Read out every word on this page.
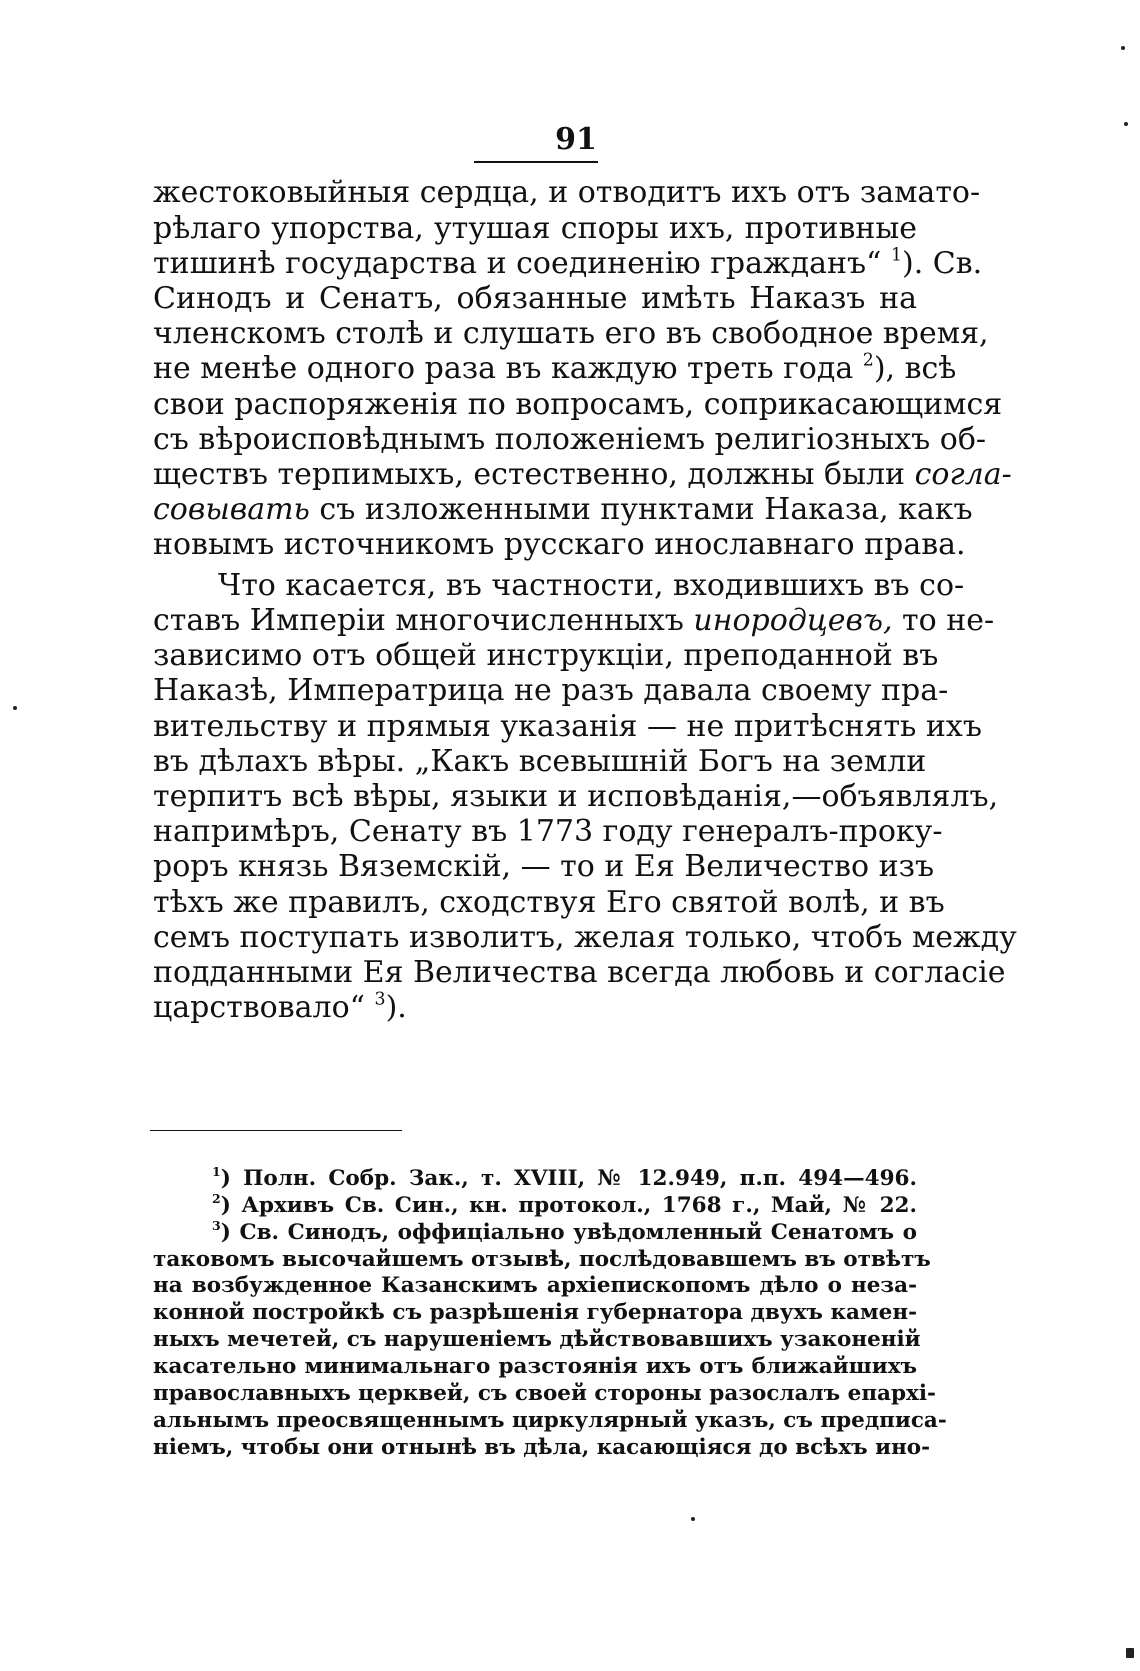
91
жестоковыйныя сердца, и отводитъ ихъ отъ замато-
рѣлаго упорства, утушая споры ихъ, противные
тишинѣ государства и соединенію гражданъ“ $^1$). Св.
Синодъ и Сенатъ, обязанные имѣть Наказъ на
членскомъ столѣ и слушать его въ свободное время,
не менѣе одного раза въ каждую треть года $^2$), всѣ
свои распоряженія по вопросамъ, соприкасающимся
съ вѣроисповѣднымъ положеніемъ религіозныхъ об-
ществъ терпимыхъ, естественно, должны были согла-
совывать съ изложенными пунктами Наказа, какъ
новымъ источникомъ русскаго инославнаго права.
Что касается, въ частности, входившихъ въ со-
ставъ Имперіи многочисленныхъ инородцевъ, то не-
зависимо отъ общей инструкціи, преподанной въ
Наказѣ, Императрица не разъ давала своему пра-
вительству и прямыя указанія — не притѣснять ихъ
въ дѣлахъ вѣры. „Какъ всевышній Богъ на земли
терпитъ всѣ вѣры, языки и исповѣданія,—объявлялъ,
напримѣръ, Сенату въ 1773 году генералъ-проку-
роръ князь Вяземскій, — то и Ея Величество изъ
тѣхъ же правилъ, сходствуя Его святой волѣ, и въ
семъ поступать изволитъ, желая только, чтобъ между
подданными Ея Величества всегда любовь и согласіе
царствовало“ $^3$).
$^1$) Полн. Собр. Зак., т. XVIII, № 12.949, п.п. 494—496.
$^2$) Архивъ Св. Син., кн. протокол., 1768 г., Май, № 22.
$^3$) Св. Синодъ, оффиціально увѣдомленный Сенатомъ о
таковомъ высочайшемъ отзывѣ, послѣдовавшемъ въ отвѣтъ
на возбужденное Казанскимъ архіепископомъ дѣло о неза-
конной постройкѣ съ разрѣшенія губернатора двухъ камен-
ныхъ мечетей, съ нарушеніемъ дѣйствовавшихъ узаконеній
касательно минимальнаго разстоянія ихъ отъ ближайшихъ
православныхъ церквей, съ своей стороны разослалъ епархі-
альнымъ преосвященнымъ циркулярный указъ, съ предписа-
ніемъ, чтобы они отнынѣ въ дѣла, касающіяся до всѣхъ ино-
